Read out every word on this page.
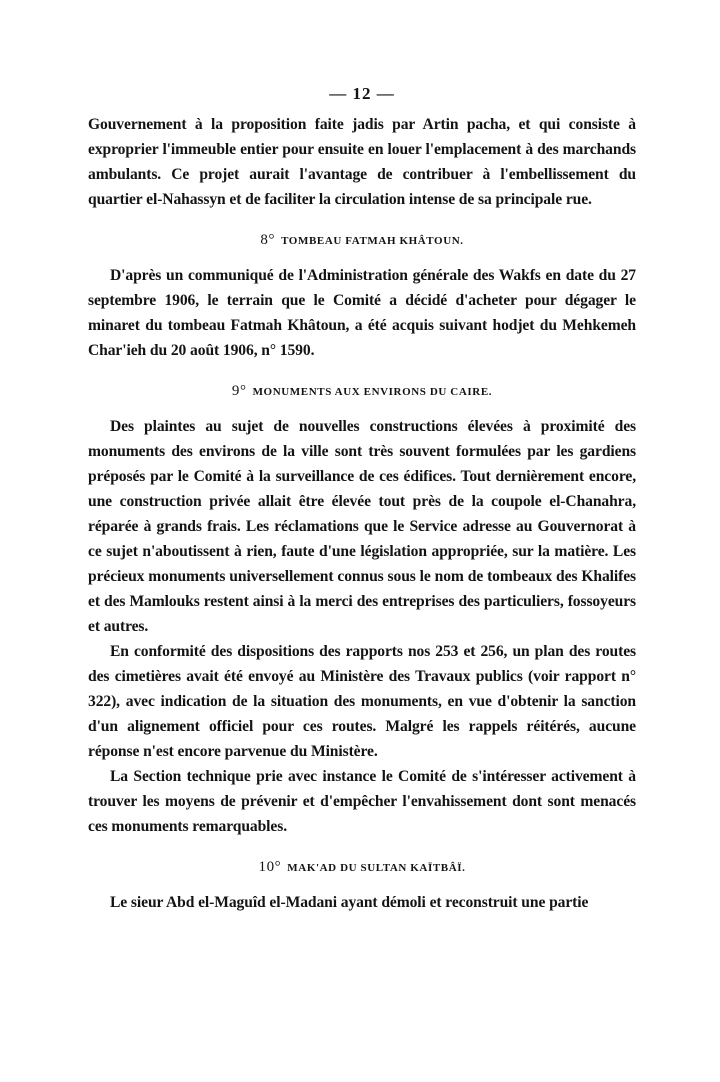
— 12 —

Gouvernement à la proposition faite jadis par Artin pacha, et qui consiste à exproprier l'immeuble entier pour ensuite en louer l'emplacement à des marchands ambulants. Ce projet aurait l'avantage de contribuer à l'embellissement du quartier el-Nahassyn et de faciliter la circulation intense de sa principale rue.

8° TOMBEAU FATMAH KHÂTOUN.

D'après un communiqué de l'Administration générale des Wakfs en date du 27 septembre 1906, le terrain que le Comité a décidé d'acheter pour dégager le minaret du tombeau Fatmah Khâtoun, a été acquis suivant hodjet du Mehkemeh Char'ieh du 20 août 1906, n° 1590.

9° MONUMENTS AUX ENVIRONS DU CAIRE.

Des plaintes au sujet de nouvelles constructions élevées à proximité des monuments des environs de la ville sont très souvent formulées par les gardiens préposés par le Comité à la surveillance de ces édifices. Tout dernièrement encore, une construction privée allait être élevée tout près de la coupole el-Chanahra, réparée à grands frais. Les réclamations que le Service adresse au Gouvernorat à ce sujet n'aboutissent à rien, faute d'une législation appropriée, sur la matière. Les précieux monuments universellement connus sous le nom de tombeaux des Khalifes et des Mamlouks restent ainsi à la merci des entreprises des particuliers, fossoyeurs et autres.

En conformité des dispositions des rapports nos 253 et 256, un plan des routes des cimetières avait été envoyé au Ministère des Travaux publics (voir rapport n° 322), avec indication de la situation des monuments, en vue d'obtenir la sanction d'un alignement officiel pour ces routes. Malgré les rappels réitérés, aucune réponse n'est encore parvenue du Ministère.

La Section technique prie avec instance le Comité de s'intéresser activement à trouver les moyens de prévenir et d'empêcher l'envahissement dont sont menacés ces monuments remarquables.

10° MAK'AD DU SULTAN KAÏTBÂÏ.

Le sieur Abd el-Maguîd el-Madani ayant démoli et reconstruit une partie
